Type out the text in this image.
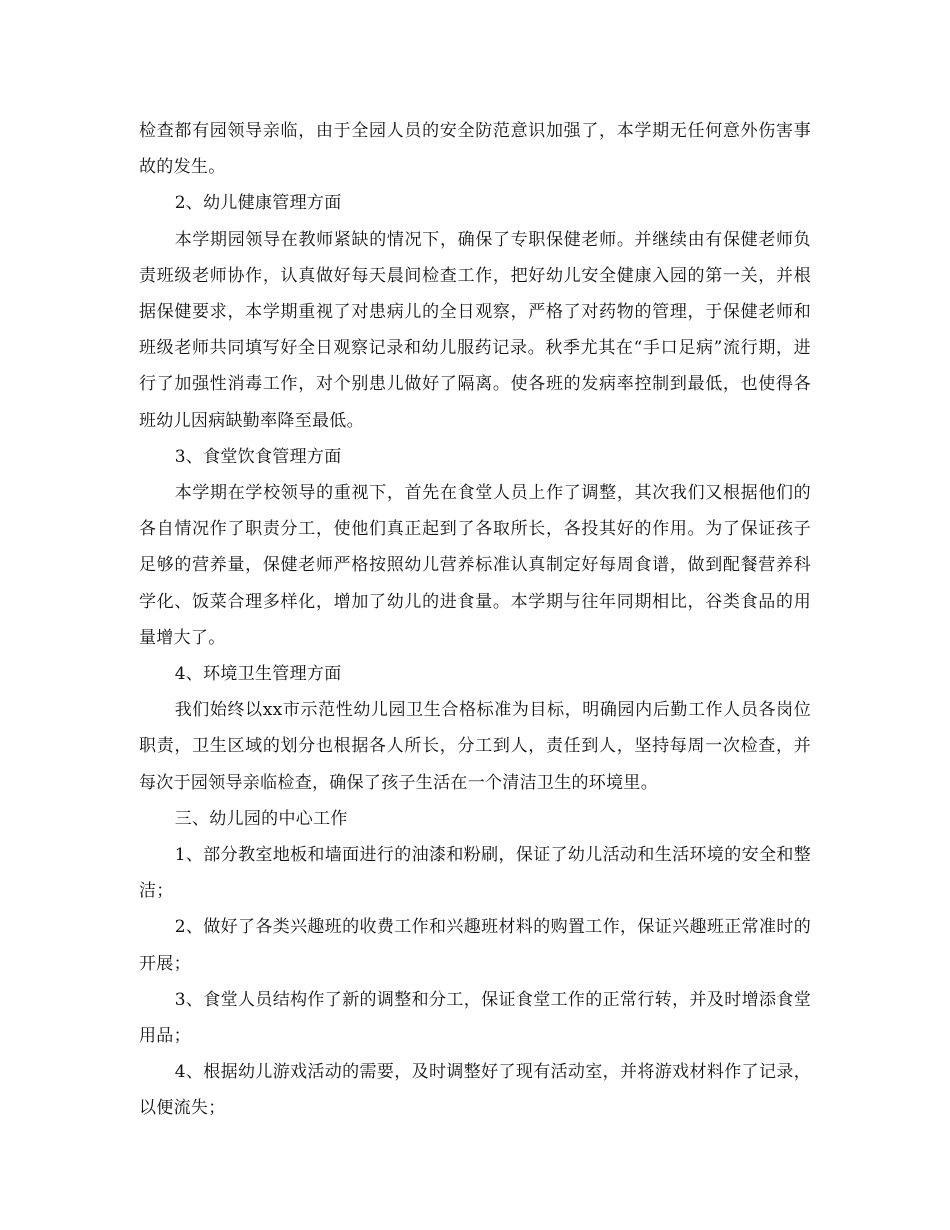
检查都有园领导亲临，由于全园人员的安全防范意识加强了，本学期无任何意外伤害事故的发生。

2、幼儿健康管理方面

本学期园领导在教师紧缺的情况下，确保了专职保健老师。并继续由有保健老师负责班级老师协作，认真做好每天晨间检查工作，把好幼儿安全健康入园的第一关，并根据保健要求，本学期重视了对患病儿的全日观察，严格了对药物的管理，于保健老师和班级老师共同填写好全日观察记录和幼儿服药记录。秋季尤其在“手口足病”流行期，进行了加强性消毒工作，对个别患儿做好了隔离。使各班的发病率控制到最低，也使得各班幼儿因病缺勤率降至最低。

3、食堂饮食管理方面

本学期在学校领导的重视下，首先在食堂人员上作了调整，其次我们又根据他们的各自情况作了职责分工，使他们真正起到了各取所长，各投其好的作用。为了保证孩子足够的营养量，保健老师严格按照幼儿营养标准认真制定好每周食谱，做到配餐营养科学化、饭菜合理多样化，增加了幼儿的进食量。本学期与往年同期相比，谷类食品的用量增大了。

4、环境卫生管理方面

我们始终以xx市示范性幼儿园卫生合格标准为目标，明确园内后勤工作人员各岗位职责，卫生区域的划分也根据各人所长，分工到人，责任到人，坚持每周一次检查，并每次于园领导亲临检查，确保了孩子生活在一个清洁卫生的环境里。

三、幼儿园的中心工作

1、部分教室地板和墙面进行的油漆和粉刷，保证了幼儿活动和生活环境的安全和整洁；

2、做好了各类兴趣班的收费工作和兴趣班材料的购置工作，保证兴趣班正常准时的开展；

3、食堂人员结构作了新的调整和分工，保证食堂工作的正常行转，并及时增添食堂用品；

4、根据幼儿游戏活动的需要，及时调整好了现有活动室，并将游戏材料作了记录，以便流失；
